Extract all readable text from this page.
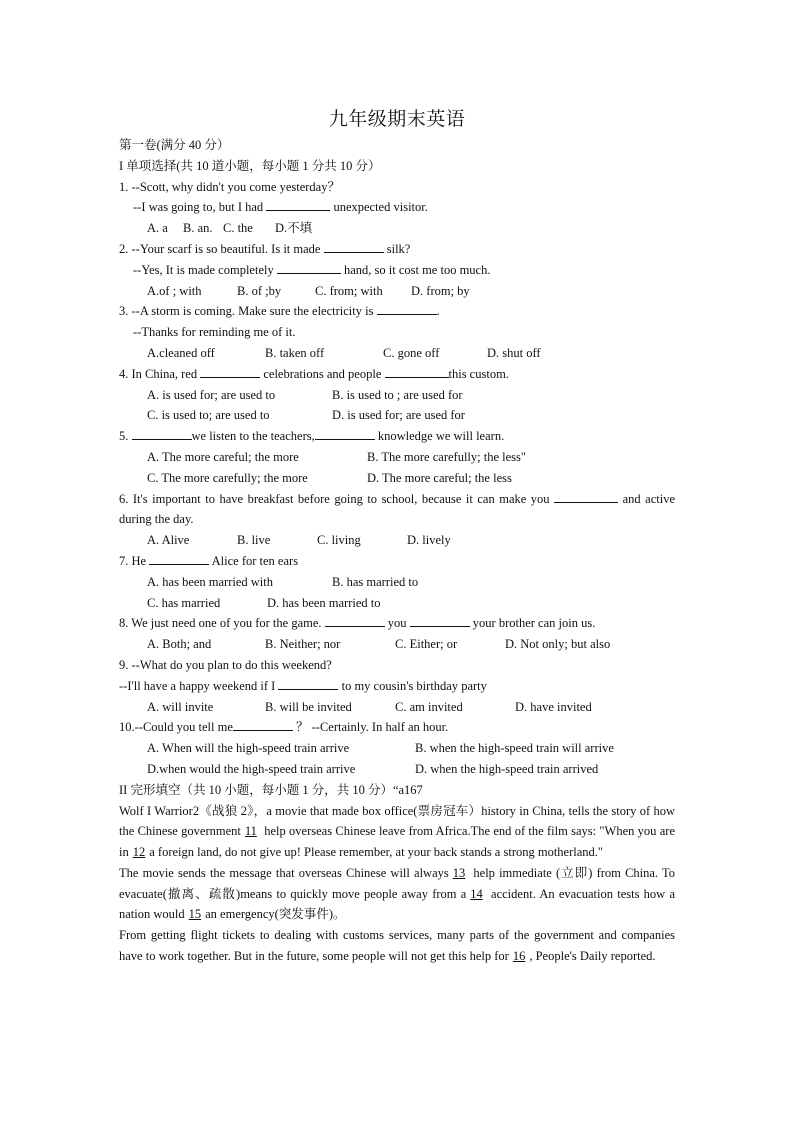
九年级期末英语
第一卷(满分 40 分）
I 单项选择(共 10 道小题，每小题 1 分共 10 分）
1. --Scott, why didn't you come yesterday？
--I was going to, but I had	unexpected visitor.
A. a B. an. C. the D.不填
2. --Your scarf is so beautiful. Is it made	silk?
--Yes, It is made completely	hand, so it cost me too much.
A.of ; with	B. of ;by	C. from; with D. from; by
3. --A storm is coming. Make sure the electricity is	.
--Thanks for reminding me of it.
A.cleaned off	B. taken off	C. gone off	D. shut off
4. In China, red	celebrations and people	this custom.
A. is used for; are used to	B. is used to ; are used for
C. is used to; are used to	D. is used for; are used for
5.	we listen to the teachers,	knowledge we will learn.
A. The more careful; the more	B. The more carefully; the less"
C. The more carefully; the more	D. The more careful; the less
6. It's important to have breakfast before going to school, because it can make you	and active during the day.
A. Alive	B. live	C. living	D. lively
7. He	Alice for ten ears
A. has been married with	B. has married to
C. has married	D. has been married to
8. We just need one of you for the game.	you	your brother can join us.
A. Both; and	B. Neither; nor	C. Either; or	D. Not only; but also
9. --What do you plan to do this weekend?
--I'll have a happy weekend if I	to my cousin's birthday party
A. will invite	B. will be invited	C. am invited	D. have invited
10.--Could you tell me	？ --Certainly. In half an hour.
A. When will the high-speed train arrive	B. when the high-speed train will arrive
D.when would the high-speed train arrive	D. when the high-speed train arrived
II 完形填空（共 10 小题，每小题 1 分，共 10 分）“a167
Wolf I Warrior2《战狼 2》，a movie that made box office(票房冠车）history in China, tells the story of how the Chinese government 11 help overseas Chinese leave from Africa.The end of the film says: "When you are in 12 a foreign land, do not give up! Please remember, at your back stands a strong motherland."
The movie sends the message that overseas Chinese will always 13 help immediate (立即) from China. To evacuate(撤离、疏散)means to quickly move people away from a 14 accident. An evacuation tests how a nation would 15 an emergency(突发事件)。
From getting flight tickets to dealing with customs services, many parts of the government and companies have to work together. But in the future, some people will not get this help for 16 , People's Daily reported.
